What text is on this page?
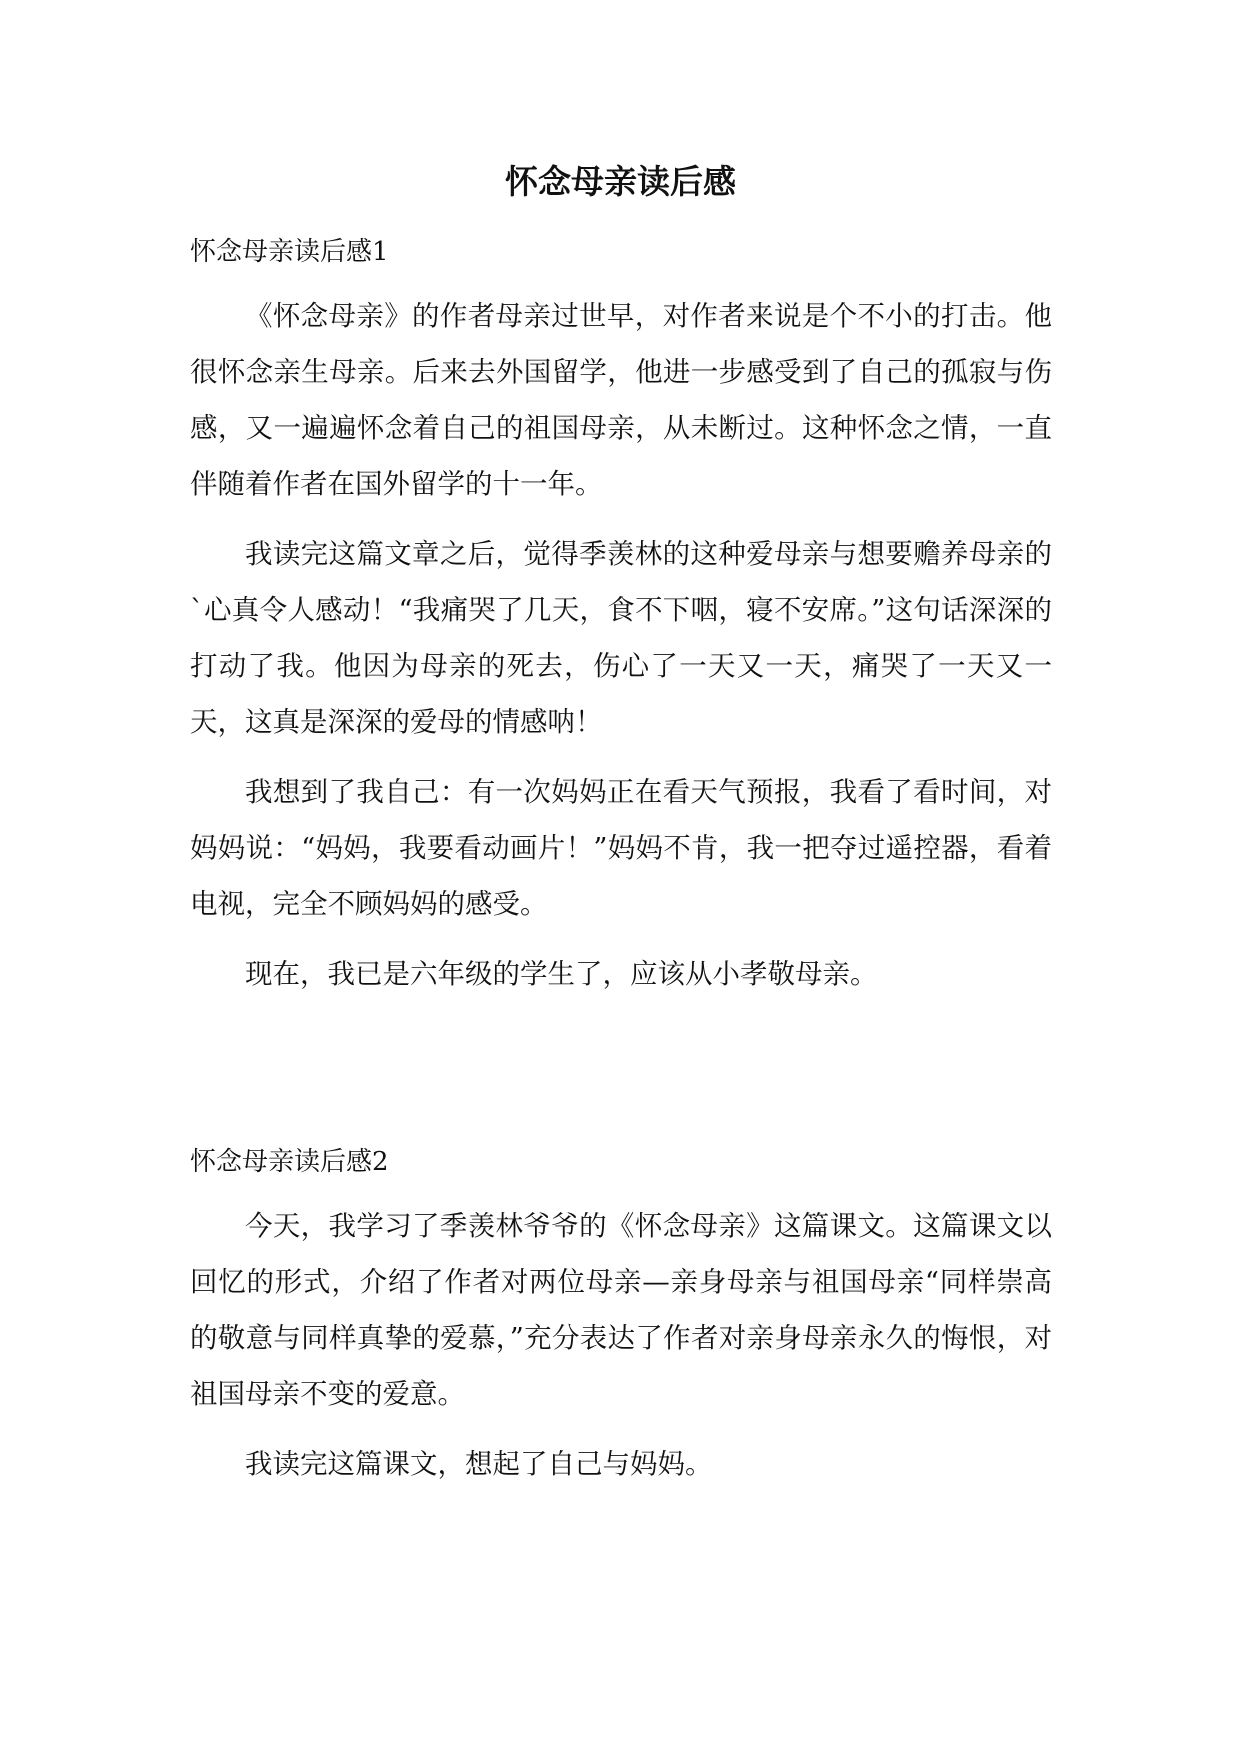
怀念母亲读后感

怀念母亲读后感1

《怀念母亲》的作者母亲过世早，对作者来说是个不小的打击。他很怀念亲生母亲。后来去外国留学，他进一步感受到了自己的孤寂与伤感，又一遍遍怀念着自己的祖国母亲，从未断过。这种怀念之情，一直伴随着作者在国外留学的十一年。

我读完这篇文章之后，觉得季羡林的这种爱母亲与想要赡养母亲的`心真令人感动！“我痛哭了几天，食不下咽，寝不安席。”这句话深深的打动了我。他因为母亲的死去，伤心了一天又一天，痛哭了一天又一天，这真是深深的爱母的情感呐！

我想到了我自己：有一次妈妈正在看天气预报，我看了看时间，对妈妈说：“妈妈，我要看动画片！”妈妈不肯，我一把夺过遥控器，看着电视，完全不顾妈妈的感受。

现在，我已是六年级的学生了，应该从小孝敬母亲。

怀念母亲读后感2

今天，我学习了季羡林爷爷的《怀念母亲》这篇课文。这篇课文以回忆的形式，介绍了作者对两位母亲—亲身母亲与祖国母亲“同样崇高的敬意与同样真挚的爱慕，”充分表达了作者对亲身母亲永久的悔恨，对祖国母亲不变的爱意。

我读完这篇课文，想起了自己与妈妈。
